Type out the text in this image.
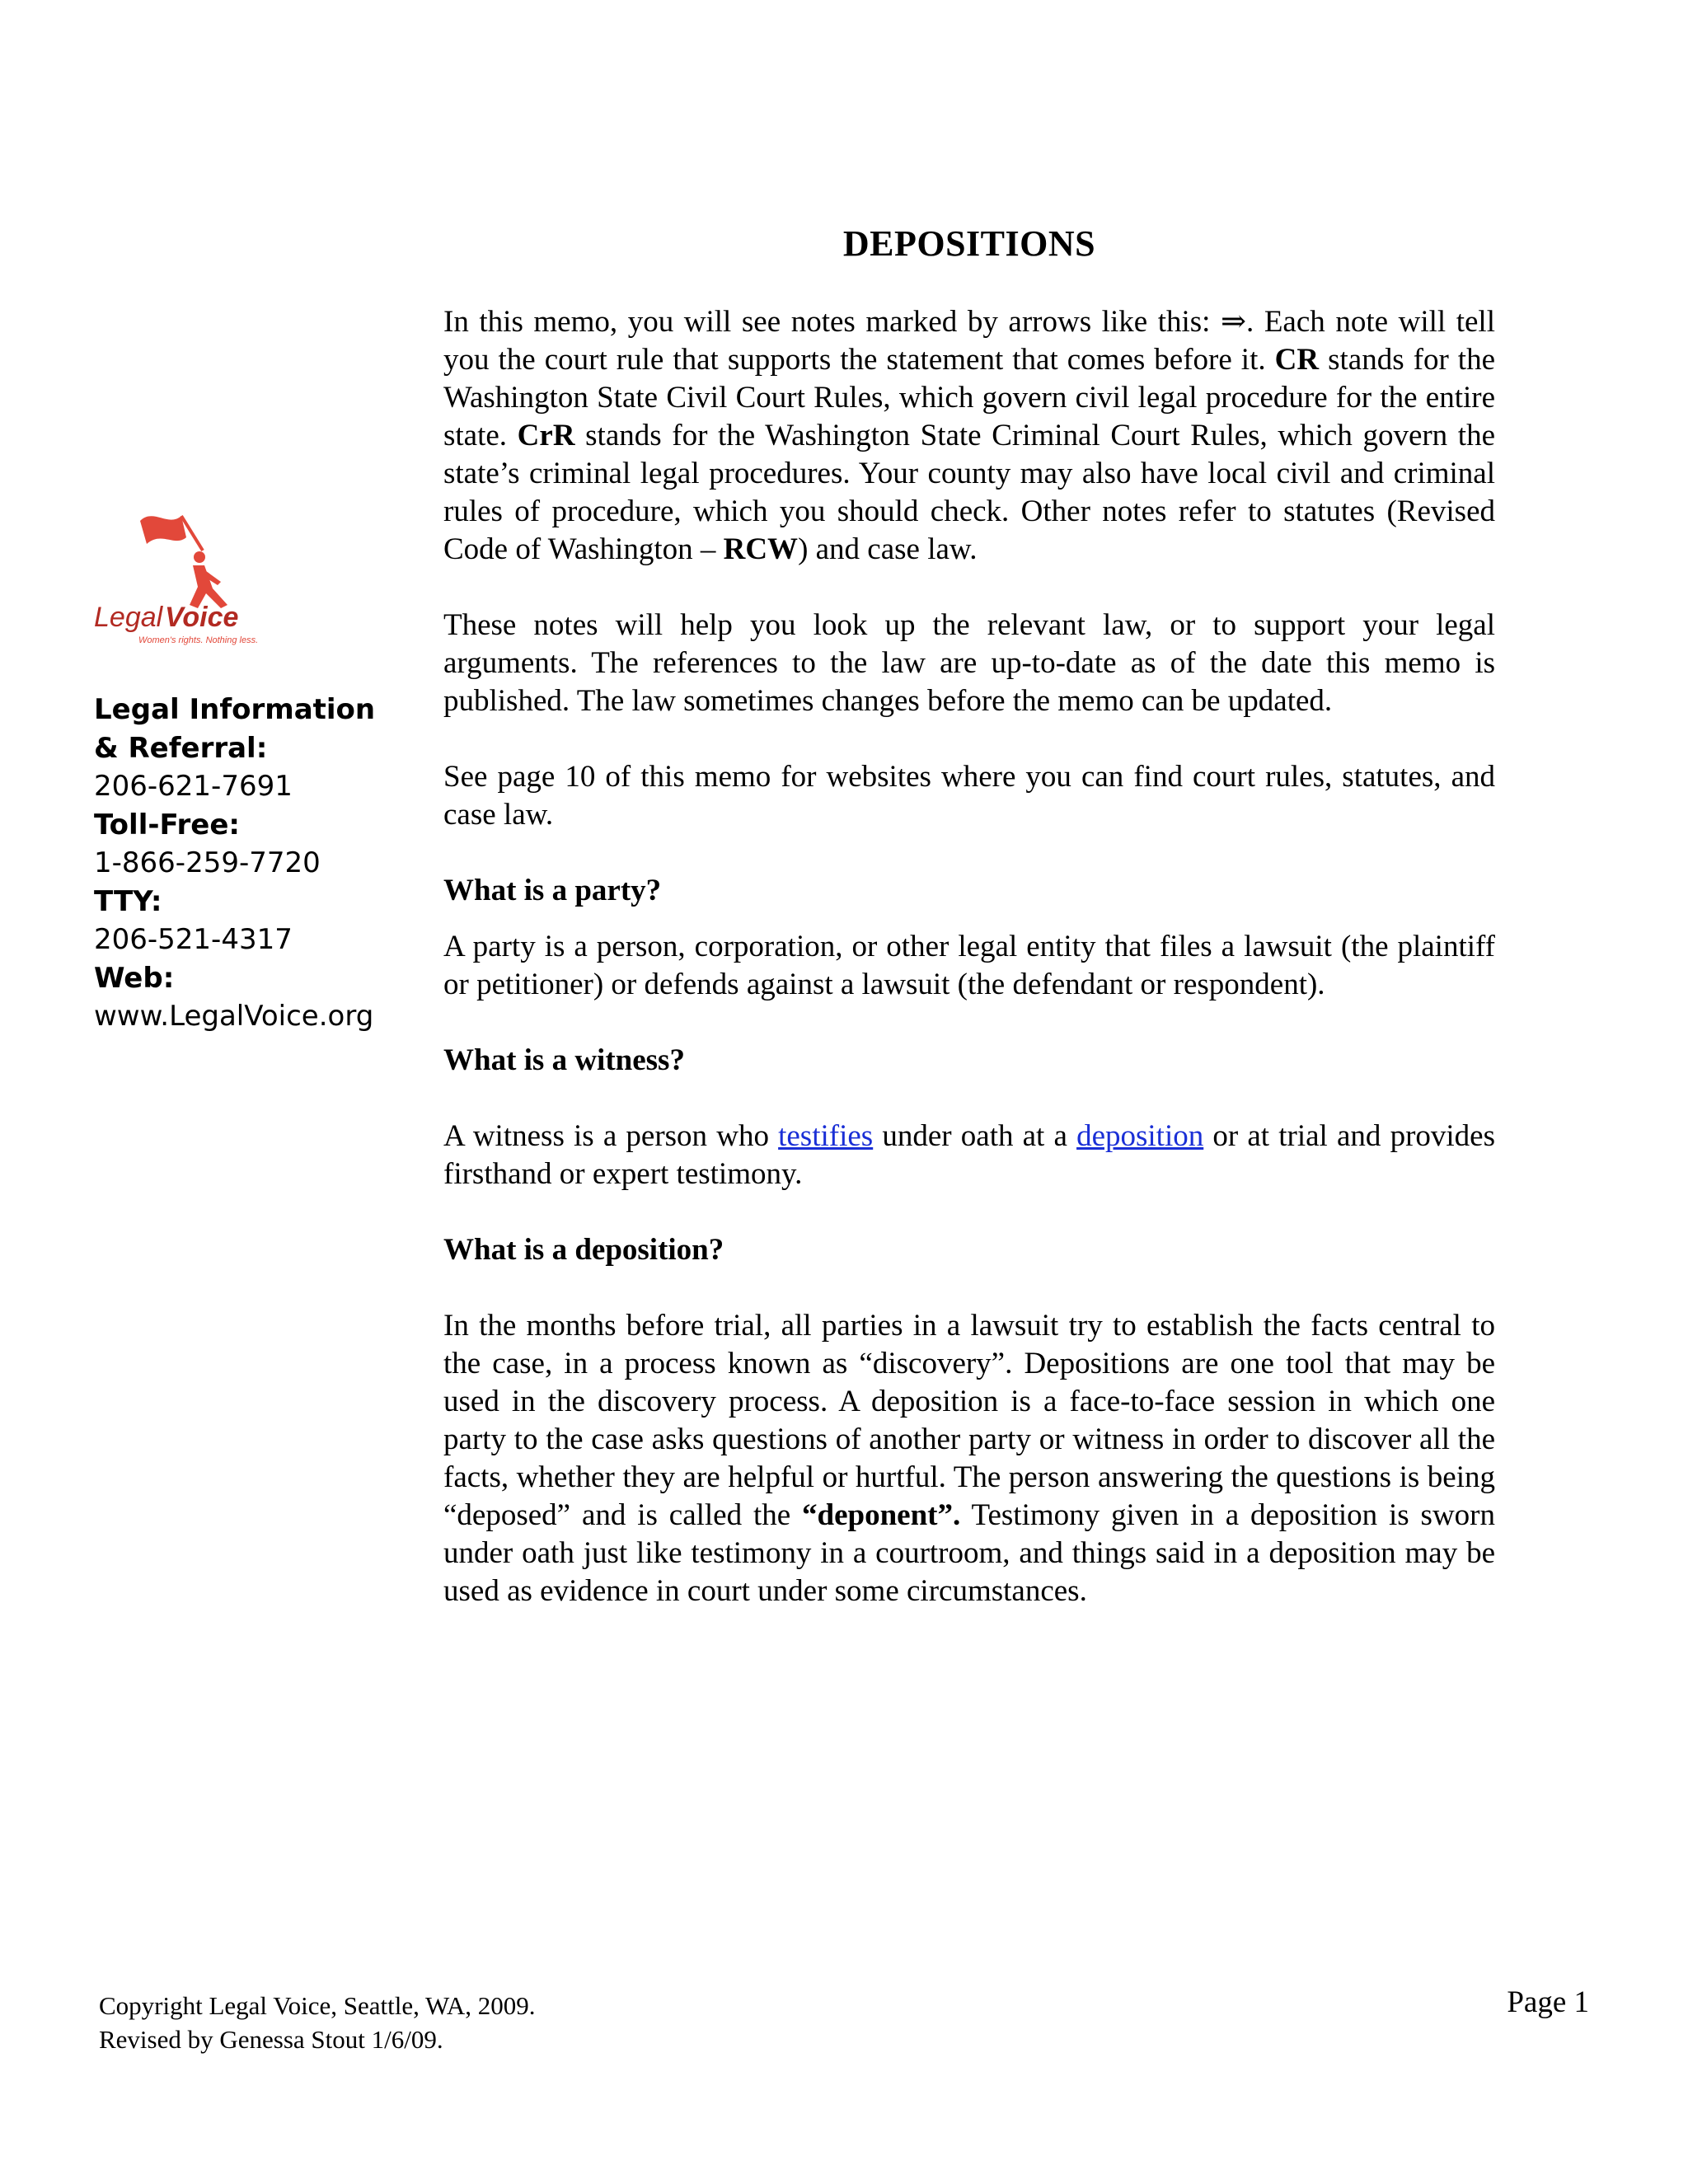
DEPOSITIONS
Legal Voice
Women's rights. Nothing less.
Legal Information
& Referral:
206-621-7691
Toll-Free:
1-866-259-7720
TTY:
206-521-4317
Web:
www.LegalVoice.org

In this memo, you will see notes marked by arrows like this: ⇒. Each note will tell you the court rule that supports the statement that comes before it. CR stands for the Washington State Civil Court Rules, which govern civil legal procedure for the entire state. CrR stands for the Washington State Criminal Court Rules, which govern the state’s criminal legal procedures. Your county may also have local civil and criminal rules of procedure, which you should check. Other notes refer to statutes (Revised Code of Washington – RCW) and case law.

These notes will help you look up the relevant law, or to support your legal arguments. The references to the law are up-to-date as of the date this memo is published. The law sometimes changes before the memo can be updated.

See page 10 of this memo for websites where you can find court rules, statutes, and case law.

What is a party?

A party is a person, corporation, or other legal entity that files a lawsuit (the plaintiff or petitioner) or defends against a lawsuit (the defendant or respondent).

What is a witness?

A witness is a person who testifies under oath at a deposition or at trial and provides firsthand or expert testimony.

What is a deposition?

In the months before trial, all parties in a lawsuit try to establish the facts central to the case, in a process known as “discovery”. Depositions are one tool that may be used in the discovery process. A deposition is a face-to-face session in which one party to the case asks questions of another party or witness in order to discover all the facts, whether they are helpful or hurtful. The person answering the questions is being “deposed” and is called the “deponent”. Testimony given in a deposition is sworn under oath just like testimony in a courtroom, and things said in a deposition may be used as evidence in court under some circumstances.

Copyright Legal Voice, Seattle, WA, 2009.
Revised by Genessa Stout 1/6/09.
Page 1
